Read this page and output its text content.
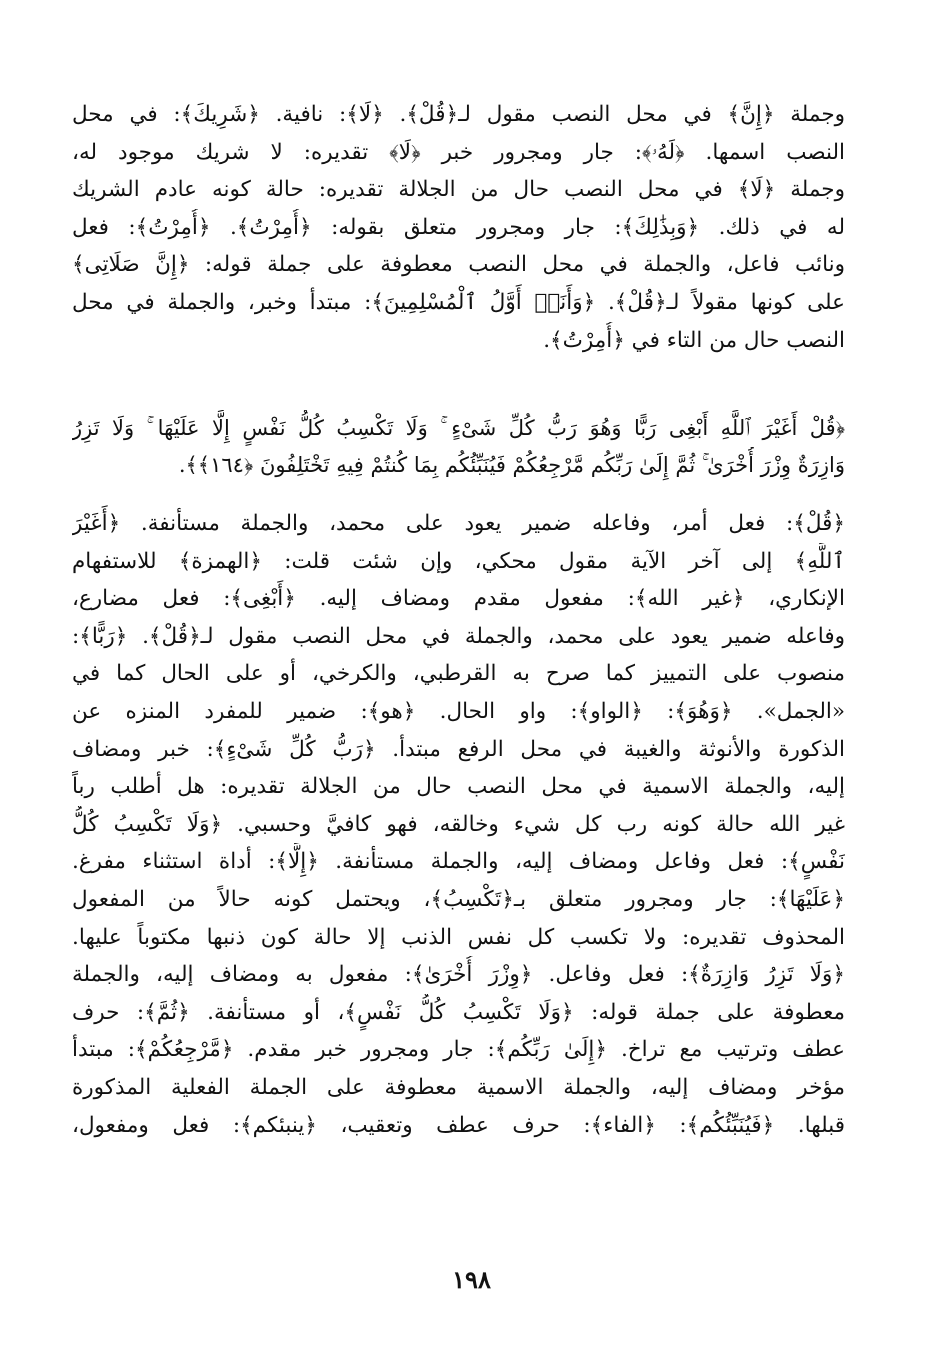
وجملة ﴿إِنَّ﴾ في محل النصب مقول لـ﴿قُلْ﴾. ﴿لَا﴾: نافية. ﴿شَرِيكَ﴾: في محل
النصب اسمها. ﴿لَهُۥ﴾: جار ومجرور خبر ﴿لَا﴾ تقديره: لا شريك موجود له،
وجملة ﴿لَا﴾ في محل النصب حال من الجلالة تقديره: حالة كونه عادم الشريك
له في ذلك. ﴿وَبِذَٰلِكَ﴾: جار ومجرور متعلق بقوله: ﴿أُمِرْتُ﴾. ﴿أُمِرْتُ﴾: فعل
ونائب فاعل، والجملة في محل النصب معطوفة على جملة قوله: ﴿إِنَّ صَلَاتِى﴾
على كونها مقولاً لـ﴿قُلْ﴾. ﴿وَأَنَا۠ أَوَّلُ ٱلْمُسْلِمِينَ﴾: مبتدأ وخبر، والجملة في محل
النصب حال من التاء في ﴿أُمِرْتُ﴾.
﴿قُلْ أَغَيْرَ ٱللَّهِ أَبْغِى رَبًّا وَهُوَ رَبُّ كُلِّ شَىْءٍ ۚ وَلَا تَكْسِبُ كُلُّ نَفْسٍ إِلَّا عَلَيْهَا ۚ وَلَا تَزِرُ
وَازِرَةٌ وِزْرَ أُخْرَىٰ ۚ ثُمَّ إِلَىٰ رَبِّكُم مَّرْجِعُكُمْ فَيُنَبِّئُكُم بِمَا كُنتُمْ فِيهِ تَخْتَلِفُونَ ﴿١٦٤﴾﴾.
﴿قُلْ﴾: فعل أمر، وفاعله ضمير يعود على محمد، والجملة مستأنفة. ﴿أَغَيْرَ
ٱللَّهِ﴾ إلى آخر الآية مقول محكي، وإن شئت قلت: ﴿الهمزة﴾ للاستفهام
الإنكاري، ﴿غير الله﴾: مفعول مقدم ومضاف إليه. ﴿أَبْغِى﴾: فعل مضارع،
وفاعله ضمير يعود على محمد، والجملة في محل النصب مقول لـ﴿قُلْ﴾. ﴿رَبًّا﴾:
منصوب على التمييز كما صرح به القرطبي، والكرخي، أو على الحال كما في
«الجمل». ﴿وَهُوَ﴾: ﴿الواو﴾: واو الحال. ﴿هو﴾: ضمير للمفرد المنزه عن
الذكورة والأنوثة والغيبة في محل الرفع مبتدأ. ﴿رَبُّ كُلِّ شَىْءٍ﴾: خبر ومضاف
إليه، والجملة الاسمية في محل النصب حال من الجلالة تقديره: هل أطلب رباً
غير الله حالة كونه رب كل شيء وخالقه، فهو كافيَّ وحسبي. ﴿وَلَا تَكْسِبُ كُلُّ
نَفْسٍ﴾: فعل وفاعل ومضاف إليه، والجملة مستأنفة. ﴿إِلَّا﴾: أداة استثناء مفرغ.
﴿عَلَيْهَا﴾: جار ومجرور متعلق بـ﴿تَكْسِبُ﴾، ويحتمل كونه حالاً من المفعول
المحذوف تقديره: ولا تكسب كل نفس الذنب إلا حالة كون ذنبها مكتوباً عليها.
﴿وَلَا تَزِرُ وَازِرَةٌ﴾: فعل وفاعل. ﴿وِزْرَ أُخْرَىٰ﴾: مفعول به ومضاف إليه، والجملة
معطوفة على جملة قوله: ﴿وَلَا تَكْسِبُ كُلُّ نَفْسٍ﴾، أو مستأنفة. ﴿ثُمَّ﴾: حرف
عطف وترتيب مع تراخ. ﴿إِلَىٰ رَبِّكُم﴾: جار ومجرور خبر مقدم. ﴿مَّرْجِعُكُمْ﴾: مبتدأ
مؤخر ومضاف إليه، والجملة الاسمية معطوفة على الجملة الفعلية المذكورة
قبلها. ﴿فَيُنَبِّئُكُم﴾: ﴿الفاء﴾: حرف عطف وتعقيب، ﴿ينبئكم﴾: فعل ومفعول،
١٩٨
